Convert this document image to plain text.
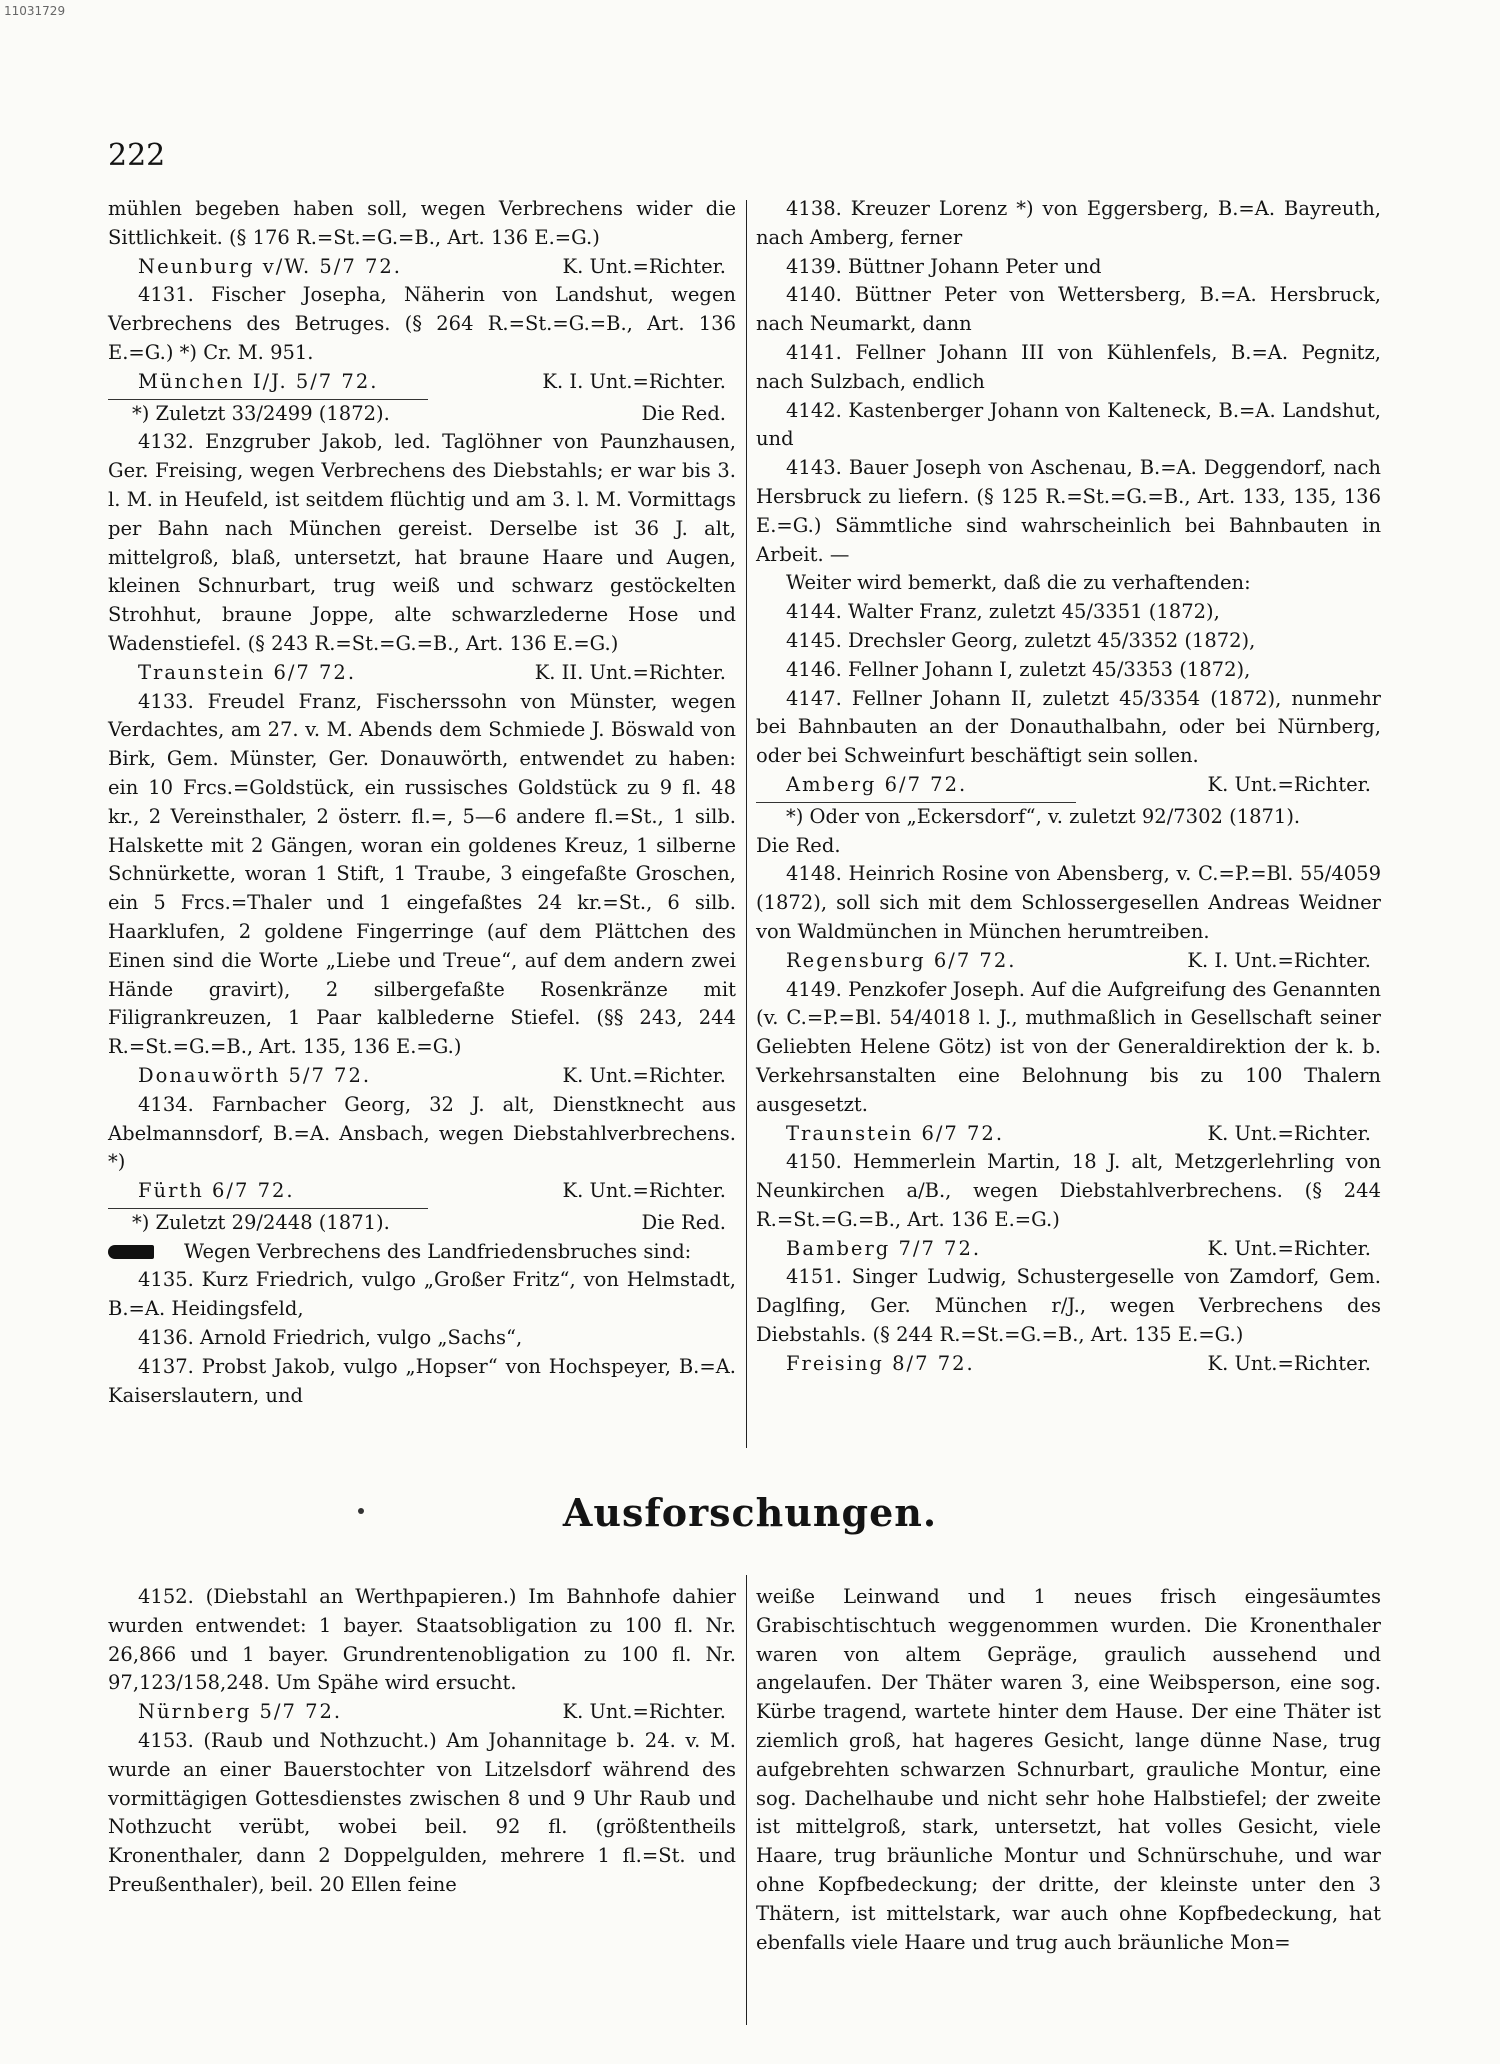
11031729
222

mühlen begeben haben soll, wegen Verbrechens wider die Sittlichkeit. (§ 176 R.=St.=G.=B., Art. 136 E.=G.)

Neunburg v/W. 5/7 72.	K. Unt.=Richter.

4131. Fischer Josepha, Näherin von Landshut, wegen Verbrechens des Betruges. (§ 264 R.=St.=G.=B., Art. 136 E.=G.) *) Cr. M. 951.

München I/J. 5/7 72.	K. I. Unt.=Richter.
*) Zuletzt 33/2499 (1872).	Die Red.

4132. Enzgruber Jakob, led. Taglöhner von Paunzhausen, Ger. Freising, wegen Verbrechens des Diebstahls; er war bis 3. l. M. in Heufeld, ist seitdem flüchtig und am 3. l. M. Vormittags per Bahn nach München gereist. Derselbe ist 36 J. alt, mittelgroß, blaß, untersetzt, hat braune Haare und Augen, kleinen Schnurbart, trug weiß und schwarz gestöckelten Strohhut, braune Joppe, alte schwarzlederne Hose und Wadenstiefel. (§ 243 R.=St.=G.=B., Art. 136 E.=G.)

Traunstein 6/7 72.	K. II. Unt.=Richter.

4133. Freudel Franz, Fischerssohn von Münster, wegen Verdachtes, am 27. v. M. Abends dem Schmiede J. Böswald von Birk, Gem. Münster, Ger. Donauwörth, entwendet zu haben: ein 10 Frcs.=Goldstück, ein russisches Goldstück zu 9 fl. 48 kr., 2 Vereinsthaler, 2 österr. fl.=, 5—6 andere fl.=St., 1 silb. Halskette mit 2 Gängen, woran ein goldenes Kreuz, 1 silberne Schnürkette, woran 1 Stift, 1 Traube, 3 eingefaßte Groschen, ein 5 Frcs.=Thaler und 1 eingefaßtes 24 kr.=St., 6 silb. Haarklufen, 2 goldene Fingerringe (auf dem Plättchen des Einen sind die Worte „Liebe und Treue“, auf dem andern zwei Hände gravirt), 2 silbergefaßte Rosenkränze mit Filigrankreuzen, 1 Paar kalblederne Stiefel. (§§ 243, 244 R.=St.=G.=B., Art. 135, 136 E.=G.)

Donauwörth 5/7 72.	K. Unt.=Richter.

4134. Farnbacher Georg, 32 J. alt, Dienstknecht aus Abelmannsdorf, B.=A. Ansbach, wegen Diebstahlverbrechens. *)

Fürth 6/7 72.	K. Unt.=Richter.
*) Zuletzt 29/2448 (1871).	Die Red.

Wegen Verbrechens des Landfriedensbruches sind:

4135. Kurz Friedrich, vulgo „Großer Fritz“, von Helmstadt, B.=A. Heidingsfeld,

4136. Arnold Friedrich, vulgo „Sachs“,

4137. Probst Jakob, vulgo „Hopser“ von Hochspeyer, B.=A. Kaiserslautern, und

4138. Kreuzer Lorenz *) von Eggersberg, B.=A. Bayreuth, nach Amberg, ferner

4139. Büttner Johann Peter und

4140. Büttner Peter von Wettersberg, B.=A. Hersbruck, nach Neumarkt, dann

4141. Fellner Johann III von Kühlenfels, B.=A. Pegnitz, nach Sulzbach, endlich

4142. Kastenberger Johann von Kalteneck, B.=A. Landshut, und

4143. Bauer Joseph von Aschenau, B.=A. Deggendorf, nach Hersbruck zu liefern. (§ 125 R.=St.=G.=B., Art. 133, 135, 136 E.=G.) Sämmtliche sind wahrscheinlich bei Bahnbauten in Arbeit. —

Weiter wird bemerkt, daß die zu verhaftenden:

4144. Walter Franz, zuletzt 45/3351 (1872),

4145. Drechsler Georg, zuletzt 45/3352 (1872),

4146. Fellner Johann I, zuletzt 45/3353 (1872),

4147. Fellner Johann II, zuletzt 45/3354 (1872), nunmehr bei Bahnbauten an der Donauthalbahn, oder bei Nürnberg, oder bei Schweinfurt beschäftigt sein sollen.

Amberg 6/7 72.	K. Unt.=Richter.

*) Oder von „Eckersdorf“, v. zuletzt 92/7302 (1871).

Die Red.

4148. Heinrich Rosine von Abensberg, v. C.=P.=Bl. 55/4059 (1872), soll sich mit dem Schlossergesellen Andreas Weidner von Waldmünchen in München herumtreiben.

Regensburg 6/7 72.	K. I. Unt.=Richter.

4149. Penzkofer Joseph. Auf die Aufgreifung des Genannten (v. C.=P.=Bl. 54/4018 l. J., muthmaßlich in Gesellschaft seiner Geliebten Helene Götz) ist von der Generaldirektion der k. b. Verkehrsanstalten eine Belohnung bis zu 100 Thalern ausgesetzt.

Traunstein 6/7 72.	K. Unt.=Richter.

4150. Hemmerlein Martin, 18 J. alt, Metzgerlehrling von Neunkirchen a/B., wegen Diebstahlverbrechens. (§ 244 R.=St.=G.=B., Art. 136 E.=G.)

Bamberg 7/7 72.	K. Unt.=Richter.

4151. Singer Ludwig, Schustergeselle von Zamdorf, Gem. Daglfing, Ger. München r/J., wegen Verbrechens des Diebstahls. (§ 244 R.=St.=G.=B., Art. 135 E.=G.)

Freising 8/7 72.	K. Unt.=Richter.
Ausforschungen.

4152. (Diebstahl an Werthpapieren.) Im Bahnhofe dahier wurden entwendet: 1 bayer. Staatsobligation zu 100 fl. Nr. 26,866 und 1 bayer. Grundrentenobligation zu 100 fl. Nr. 97,123/158,248. Um Spähe wird ersucht.

Nürnberg 5/7 72.	K. Unt.=Richter.

4153. (Raub und Nothzucht.) Am Johannitage b. 24. v. M. wurde an einer Bauerstochter von Litzelsdorf während des vormittägigen Gottesdienstes zwischen 8 und 9 Uhr Raub und Nothzucht verübt, wobei beil. 92 fl. (größtentheils Kronenthaler, dann 2 Doppelgulden, mehrere 1 fl.=St. und Preußenthaler), beil. 20 Ellen feine

weiße Leinwand und 1 neues frisch eingesäumtes Grabischtischtuch weggenommen wurden. Die Kronenthaler waren von altem Gepräge, graulich aussehend und angelaufen. Der Thäter waren 3, eine Weibsperson, eine sog. Kürbe tragend, wartete hinter dem Hause. Der eine Thäter ist ziemlich groß, hat hageres Gesicht, lange dünne Nase, trug aufgebrehten schwarzen Schnurbart, grauliche Montur, eine sog. Dachelhaube und nicht sehr hohe Halbstiefel; der zweite ist mittelgroß, stark, untersetzt, hat volles Gesicht, viele Haare, trug bräunliche Montur und Schnürschuhe, und war ohne Kopfbedeckung; der dritte, der kleinste unter den 3 Thätern, ist mittelstark, war auch ohne Kopfbedeckung, hat ebenfalls viele Haare und trug auch bräunliche Mon=
